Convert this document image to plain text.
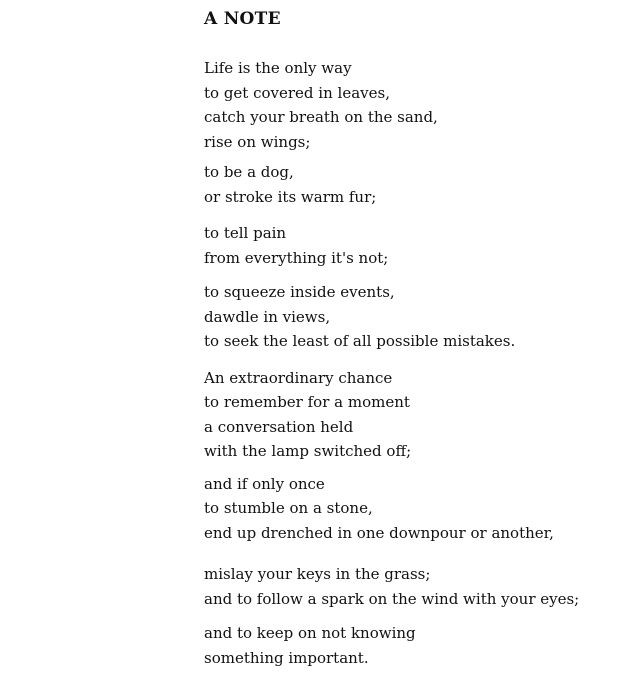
A NOTE
Life is the only way
to get covered in leaves,
catch your breath on the sand,
rise on wings;
to be a dog,
or stroke its warm fur;
to tell pain
from everything it's not;
to squeeze inside events,
dawdle in views,
to seek the least of all possible mistakes.
An extraordinary chance
to remember for a moment
a conversation held
with the lamp switched off;
and if only once
to stumble on a stone,
end up drenched in one downpour or another,
mislay your keys in the grass;
and to follow a spark on the wind with your eyes;
and to keep on not knowing
something important.
